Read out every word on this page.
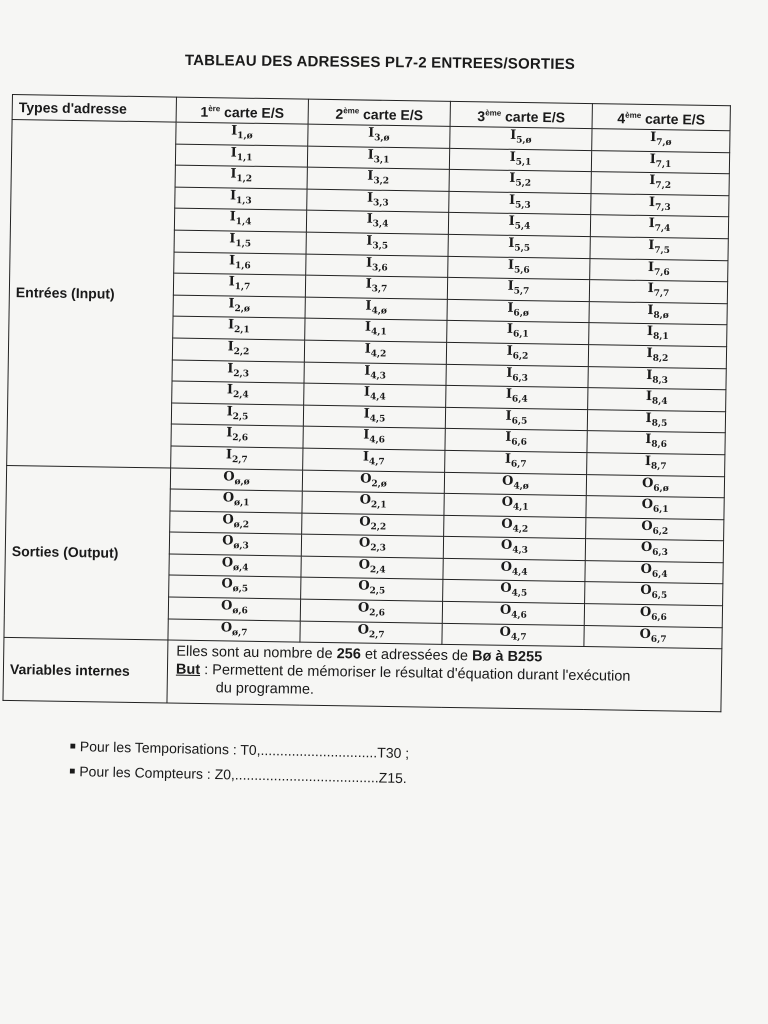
TABLEAU DES ADRESSES PL7-2 ENTREES/SORTIES
Types d'adresse	1ère carte E/S	2ème carte E/S	3ème carte E/S	4ème carte E/S
Entrées (Input)	$I_{1,ø}$	$I_{3,ø}$	$I_{5,ø}$	$I_{7,ø}$
	$I_{1,1}$	$I_{3,1}$	$I_{5,1}$	$I_{7,1}$
	$I_{1,2}$	$I_{3,2}$	$I_{5,2}$	$I_{7,2}$
	$I_{1,3}$	$I_{3,3}$	$I_{5,3}$	$I_{7,3}$
	$I_{1,4}$	$I_{3,4}$	$I_{5,4}$	$I_{7,4}$
	$I_{1,5}$	$I_{3,5}$	$I_{5,5}$	$I_{7,5}$
	$I_{1,6}$	$I_{3,6}$	$I_{5,6}$	$I_{7,6}$
	$I_{1,7}$	$I_{3,7}$	$I_{5,7}$	$I_{7,7}$
	$I_{2,ø}$	$I_{4,ø}$	$I_{6,ø}$	$I_{8,ø}$
	$I_{2,1}$	$I_{4,1}$	$I_{6,1}$	$I_{8,1}$
	$I_{2,2}$	$I_{4,2}$	$I_{6,2}$	$I_{8,2}$
	$I_{2,3}$	$I_{4,3}$	$I_{6,3}$	$I_{8,3}$
	$I_{2,4}$	$I_{4,4}$	$I_{6,4}$	$I_{8,4}$
	$I_{2,5}$	$I_{4,5}$	$I_{6,5}$	$I_{8,5}$
	$I_{2,6}$	$I_{4,6}$	$I_{6,6}$	$I_{8,6}$
	$I_{2,7}$	$I_{4,7}$	$I_{6,7}$	$I_{8,7}$
Sorties (Output)	$O_{ø,ø}$	$O_{2,ø}$	$O_{4,ø}$	$O_{6,ø}$
	$O_{ø,1}$	$O_{2,1}$	$O_{4,1}$	$O_{6,1}$
	$O_{ø,2}$	$O_{2,2}$	$O_{4,2}$	$O_{6,2}$
	$O_{ø,3}$	$O_{2,3}$	$O_{4,3}$	$O_{6,3}$
	$O_{ø,4}$	$O_{2,4}$	$O_{4,4}$	$O_{6,4}$
	$O_{ø,5}$	$O_{2,5}$	$O_{4,5}$	$O_{6,5}$
	$O_{ø,6}$	$O_{2,6}$	$O_{4,6}$	$O_{6,6}$
	$O_{ø,7}$	$O_{2,7}$	$O_{4,7}$	$O_{6,7}$
Variables internes	Elles sont au nombre de 256 et adressées de Bø à B255
But : Permettent de mémoriser le résultat d'équation durant l'exécution
du programme.			
■ Pour les Temporisations : T0,..............................T30 ;
■ Pour les Compteurs : Z0,.....................................Z15.
